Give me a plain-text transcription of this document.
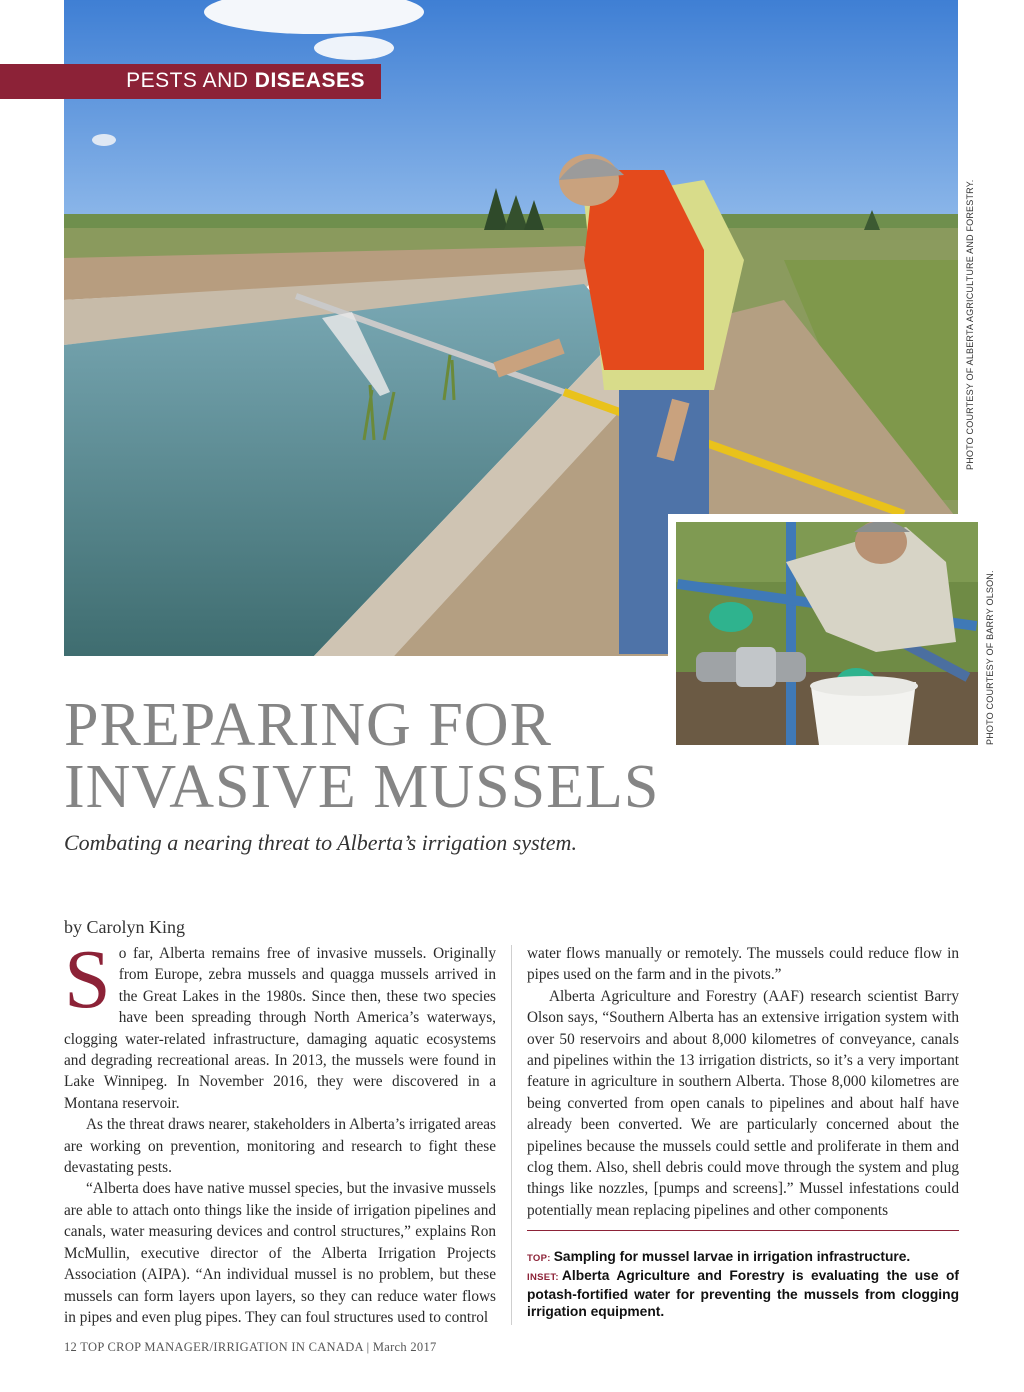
PESTS AND DISEASES
PHOTO COURTESY OF ALBERTA AGRICULTURE AND FORESTRY.
PHOTO COURTESY OF BARRY OLSON.
PREPARING FOR INVASIVE MUSSELS
Combating a nearing threat to Alberta’s irrigation system.
by Carolyn King

So far, Alberta remains free of invasive mussels. Originally from Europe, zebra mussels and quagga mussels arrived in the Great Lakes in the 1980s. Since then, these two species have been spreading through North America’s waterways, clogging water-related infrastructure, damaging aquatic ecosystems and degrading recreational areas. In 2013, the mussels were found in Lake Winnipeg. In November 2016, they were discovered in a Montana reservoir.

As the threat draws nearer, stakeholders in Alberta’s irrigated areas are working on prevention, monitoring and research to fight these devastating pests.

“Alberta does have native mussel species, but the invasive mussels are able to attach onto things like the inside of irrigation pipelines and canals, water measuring devices and control structures,” explains Ron McMullin, executive director of the Alberta Irrigation Projects Association (AIPA). “An individual mussel is no problem, but these mussels can form layers upon layers, so they can reduce water flows in pipes and even plug pipes. They can foul structures used to control

water flows manually or remotely. The mussels could reduce flow in pipes used on the farm and in the pivots.”

Alberta Agriculture and Forestry (AAF) research scientist Barry Olson says, “Southern Alberta has an extensive irrigation system with over 50 reservoirs and about 8,000 kilometres of conveyance, canals and pipelines within the 13 irrigation districts, so it’s a very important feature in agriculture in southern Alberta. Those 8,000 kilometres are being converted from open canals to pipelines and about half have already been converted. We are particularly concerned about the pipelines because the mussels could settle and proliferate in them and clog them. Also, shell debris could move through the system and plug things like nozzles, [pumps and screens].” Mussel infestations could potentially mean replacing pipelines and other components

TOP: Sampling for mussel larvae in irrigation infrastructure.

INSET: Alberta Agriculture and Forestry is evaluating the use of potash-fortified water for preventing the mussels from clogging irrigation equipment.

12 TOP CROP MANAGER/IRRIGATION IN CANADA | March 2017
